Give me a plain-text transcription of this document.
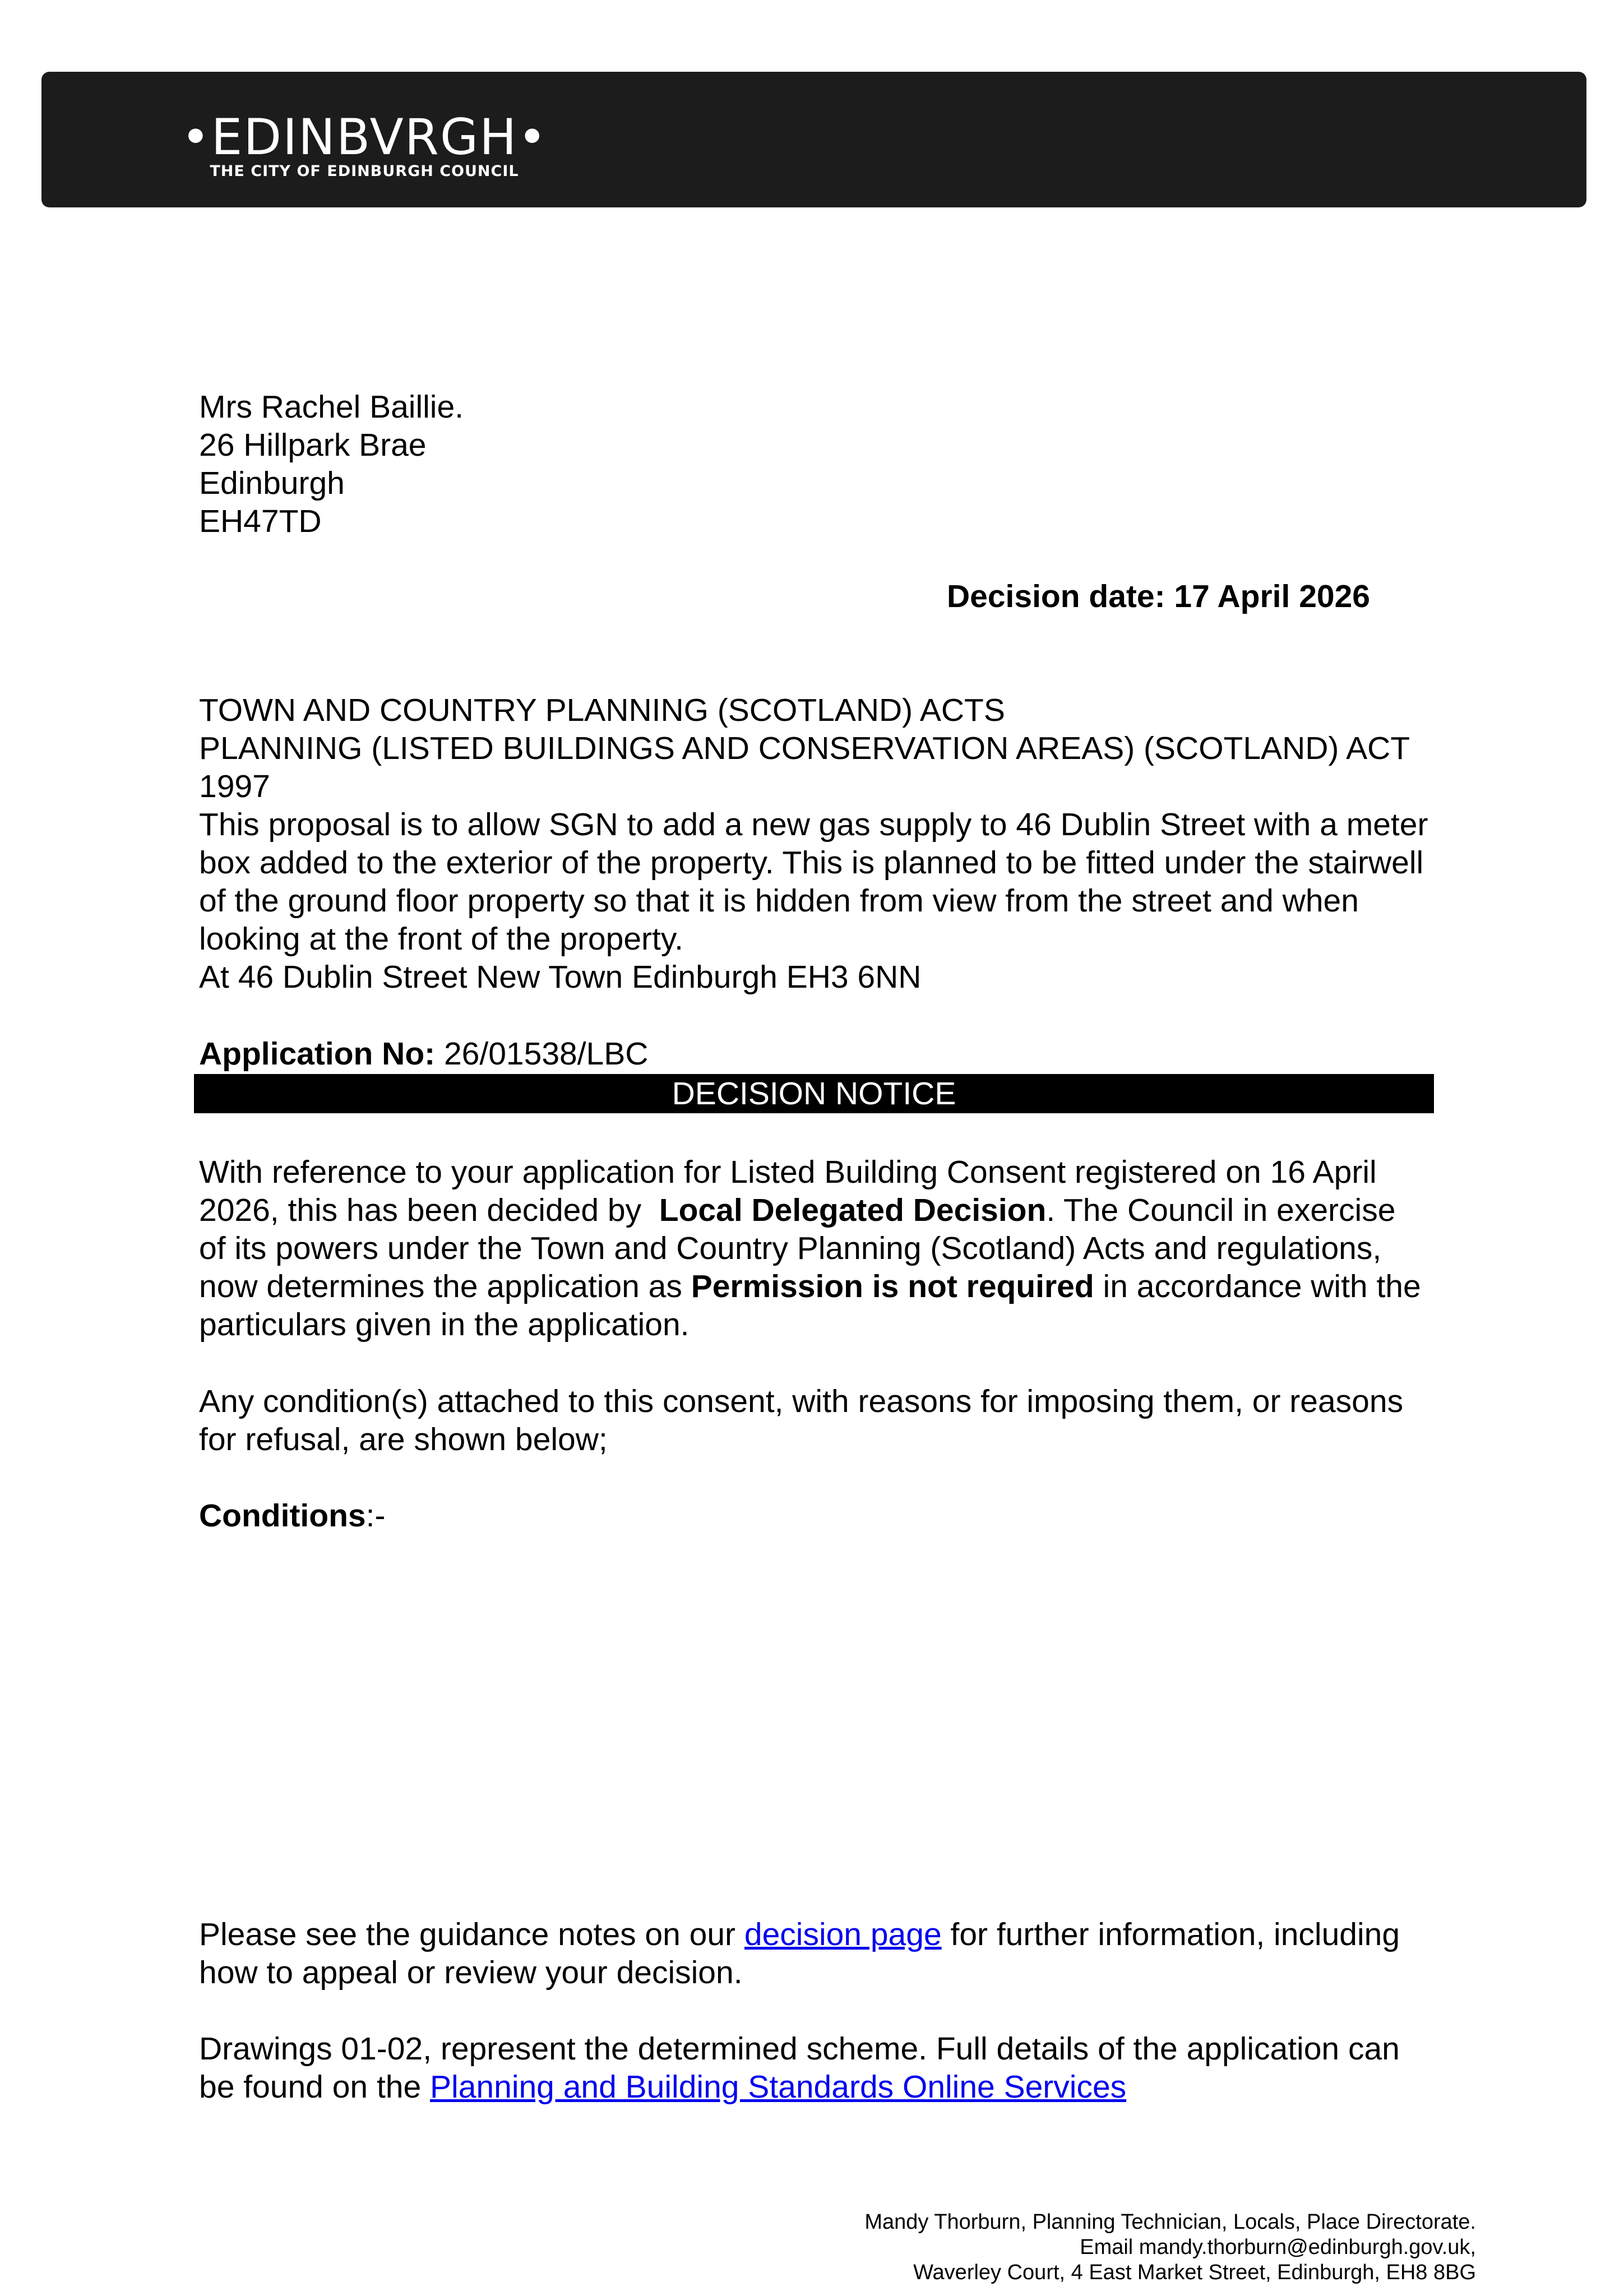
•EDINBVRGH•
THE CITY OF EDINBURGH COUNCIL
Mrs Rachel Baillie.
26 Hillpark Brae
Edinburgh
EH47TD
Decision date: 17 April 2026
TOWN AND COUNTRY PLANNING (SCOTLAND) ACTS
PLANNING (LISTED BUILDINGS AND CONSERVATION AREAS) (SCOTLAND) ACT
1997
This proposal is to allow SGN to add a new gas supply to 46 Dublin Street with a meter
box added to the exterior of the property. This is planned to be fitted under the stairwell
of the ground floor property so that it is hidden from view from the street and when
looking at the front of the property.
At 46 Dublin Street New Town Edinburgh EH3 6NN
Application No: 26/01538/LBC
DECISION NOTICE
With reference to your application for Listed Building Consent registered on 16 April
2026, this has been decided by  Local Delegated Decision. The Council in exercise
of its powers under the Town and Country Planning (Scotland) Acts and regulations,
now determines the application as Permission is not required in accordance with the
particulars given in the application.
Any condition(s) attached to this consent, with reasons for imposing them, or reasons
for refusal, are shown below;
Conditions:-
Please see the guidance notes on our decision page for further information, including
how to appeal or review your decision.
Drawings 01-02, represent the determined scheme. Full details of the application can
be found on the Planning and Building Standards Online Services
Mandy Thorburn, Planning Technician, Locals, Place Directorate.
Email mandy.thorburn@edinburgh.gov.uk,
Waverley Court, 4 East Market Street, Edinburgh, EH8 8BG
